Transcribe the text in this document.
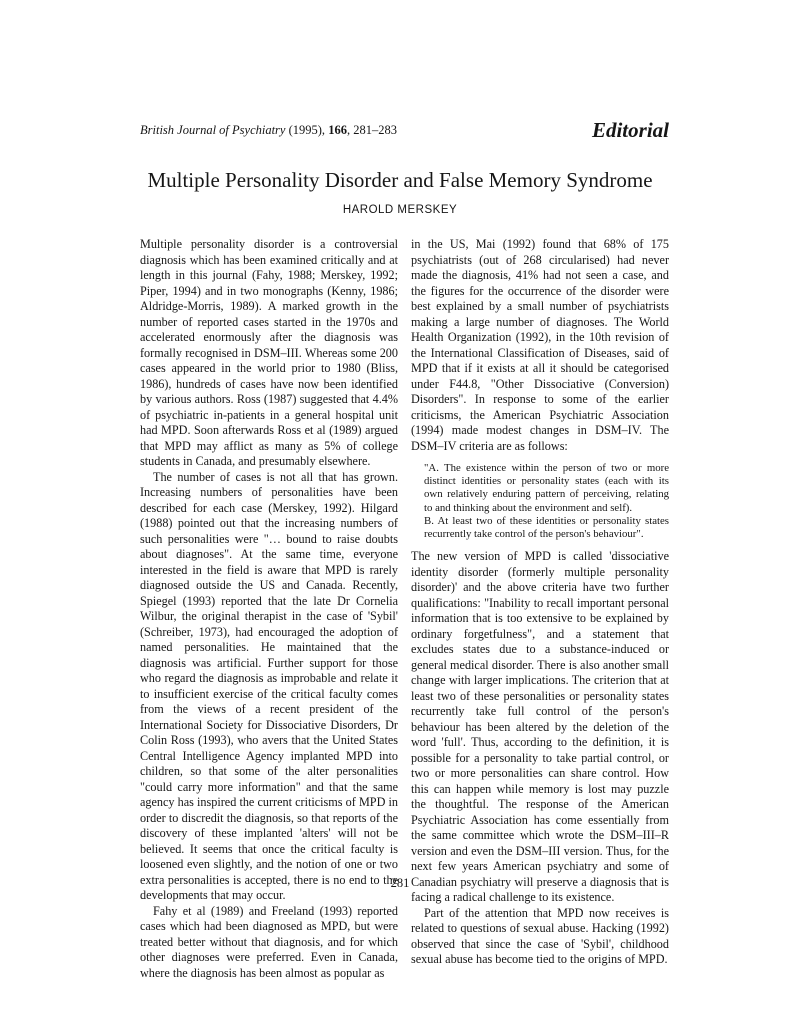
British Journal of Psychiatry (1995), 166, 281–283	Editorial
Multiple Personality Disorder and False Memory Syndrome
HAROLD MERSKEY

Multiple personality disorder is a controversial diagnosis which has been examined critically and at length in this journal (Fahy, 1988; Merskey, 1992; Piper, 1994) and in two monographs (Kenny, 1986; Aldridge-Morris, 1989). A marked growth in the number of reported cases started in the 1970s and accelerated enormously after the diagnosis was formally recognised in DSM–III. Whereas some 200 cases appeared in the world prior to 1980 (Bliss, 1986), hundreds of cases have now been identified by various authors. Ross (1987) suggested that 4.4% of psychiatric in-patients in a general hospital unit had MPD. Soon afterwards Ross et al (1989) argued that MPD may afflict as many as 5% of college students in Canada, and presumably elsewhere.

The number of cases is not all that has grown. Increasing numbers of personalities have been described for each case (Merskey, 1992). Hilgard (1988) pointed out that the increasing numbers of such personalities were "… bound to raise doubts about diagnoses". At the same time, everyone interested in the field is aware that MPD is rarely diagnosed outside the US and Canada. Recently, Spiegel (1993) reported that the late Dr Cornelia Wilbur, the original therapist in the case of 'Sybil' (Schreiber, 1973), had encouraged the adoption of named personalities. He maintained that the diagnosis was artificial. Further support for those who regard the diagnosis as improbable and relate it to insufficient exercise of the critical faculty comes from the views of a recent president of the International Society for Dissociative Disorders, Dr Colin Ross (1993), who avers that the United States Central Intelligence Agency implanted MPD into children, so that some of the alter personalities "could carry more information" and that the same agency has inspired the current criticisms of MPD in order to discredit the diagnosis, so that reports of the discovery of these implanted 'alters' will not be believed. It seems that once the critical faculty is loosened even slightly, and the notion of one or two extra personalities is accepted, there is no end to the developments that may occur.

Fahy et al (1989) and Freeland (1993) reported cases which had been diagnosed as MPD, but were treated better without that diagnosis, and for which other diagnoses were preferred. Even in Canada, where the diagnosis has been almost as popular as

in the US, Mai (1992) found that 68% of 175 psychiatrists (out of 268 circularised) had never made the diagnosis, 41% had not seen a case, and the figures for the occurrence of the disorder were best explained by a small number of psychiatrists making a large number of diagnoses. The World Health Organization (1992), in the 10th revision of the International Classification of Diseases, said of MPD that if it exists at all it should be categorised under F44.8, "Other Dissociative (Conversion) Disorders". In response to some of the earlier criticisms, the American Psychiatric Association (1994) made modest changes in DSM–IV. The DSM–IV criteria are as follows:

"A. The existence within the person of two or more distinct identities or personality states (each with its own relatively enduring pattern of perceiving, relating to and thinking about the environment and self).

B. At least two of these identities or personality states recurrently take control of the person's behaviour".

The new version of MPD is called 'dissociative identity disorder (formerly multiple personality disorder)' and the above criteria have two further qualifications: "Inability to recall important personal information that is too extensive to be explained by ordinary forgetfulness", and a statement that excludes states due to a substance-induced or general medical disorder. There is also another small change with larger implications. The criterion that at least two of these personalities or personality states recurrently take full control of the person's behaviour has been altered by the deletion of the word 'full'. Thus, according to the definition, it is possible for a personality to take partial control, or two or more personalities can share control. How this can happen while memory is lost may puzzle the thoughtful. The response of the American Psychiatric Association has come essentially from the same committee which wrote the DSM–III–R version and even the DSM–III version. Thus, for the next few years American psychiatry and some of Canadian psychiatry will preserve a diagnosis that is facing a radical challenge to its existence.

Part of the attention that MPD now receives is related to questions of sexual abuse. Hacking (1992) observed that since the case of 'Sybil', childhood sexual abuse has become tied to the origins of MPD.

281
